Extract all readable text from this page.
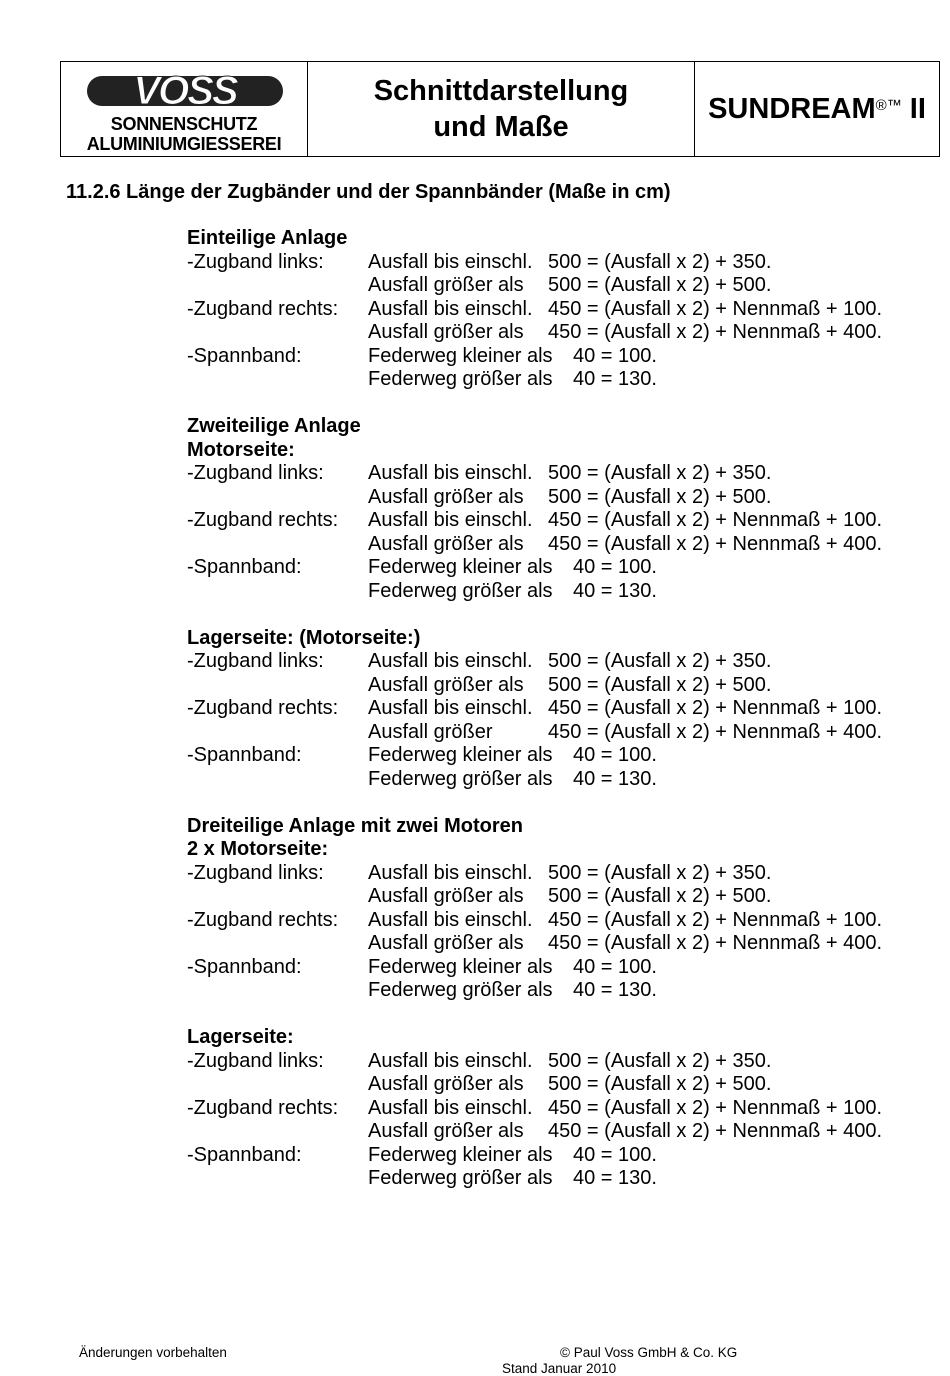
VOSS
SONNENSCHUTZ
ALUMINIUMGIESSEREI
Schnittdarstellung
und Maße
SUNDREAM®™
II
11.2.6 Länge der Zugbänder und der Spannbänder (Maße in cm)
Einteilige Anlage
-Zugband links: Ausfall bis einschl. 500 = (Ausfall x 2) + 350.
Ausfall größer als 500 = (Ausfall x 2) + 500.
-Zugband rechts: Ausfall bis einschl. 450 = (Ausfall x 2) + Nennmaß + 100.
Ausfall größer als 450 = (Ausfall x 2) + Nennmaß + 400.
-Spannband:	Federweg kleiner als 40 = 100.
Federweg größer als 40 = 130.
Zweiteilige Anlage
Motorseite:
-Zugband links: Ausfall bis einschl. 500 = (Ausfall x 2) + 350.
Ausfall größer als 500 = (Ausfall x 2) + 500.
-Zugband rechts: Ausfall bis einschl. 450 = (Ausfall x 2) + Nennmaß + 100.
Ausfall größer als 450 = (Ausfall x 2) + Nennmaß + 400.
-Spannband:	Federweg kleiner als 40 = 100.
Federweg größer als 40 = 130.
Lagerseite: (Motorseite:)
-Zugband links: Ausfall bis einschl. 500 = (Ausfall x 2) + 350.
Ausfall größer als 500 = (Ausfall x 2) + 500.
-Zugband rechts: Ausfall bis einschl. 450 = (Ausfall x 2) + Nennmaß + 100.
Ausfall größer	450 = (Ausfall x 2) + Nennmaß + 400.
-Spannband:	Federweg kleiner als 40 = 100.
Federweg größer als 40 = 130.
Dreiteilige Anlage mit zwei Motoren
2 x Motorseite:
-Zugband links: Ausfall bis einschl. 500 = (Ausfall x 2) + 350.
Ausfall größer als 500 = (Ausfall x 2) + 500.
-Zugband rechts: Ausfall bis einschl. 450 = (Ausfall x 2) + Nennmaß + 100.
Ausfall größer als 450 = (Ausfall x 2) + Nennmaß + 400.
-Spannband:	Federweg kleiner als 40 = 100.
Federweg größer als 40 = 130.
Lagerseite:
-Zugband links: Ausfall bis einschl. 500 = (Ausfall x 2) + 350.
Ausfall größer als 500 = (Ausfall x 2) + 500.
-Zugband rechts: Ausfall bis einschl. 450 = (Ausfall x 2) + Nennmaß + 100.
Ausfall größer als 450 = (Ausfall x 2) + Nennmaß + 400.
-Spannband:	Federweg kleiner als 40 = 100.
Federweg größer als 40 = 130.
Änderungen vorbehalten	© Paul Voss GmbH & Co. KG
Stand Januar 2010
